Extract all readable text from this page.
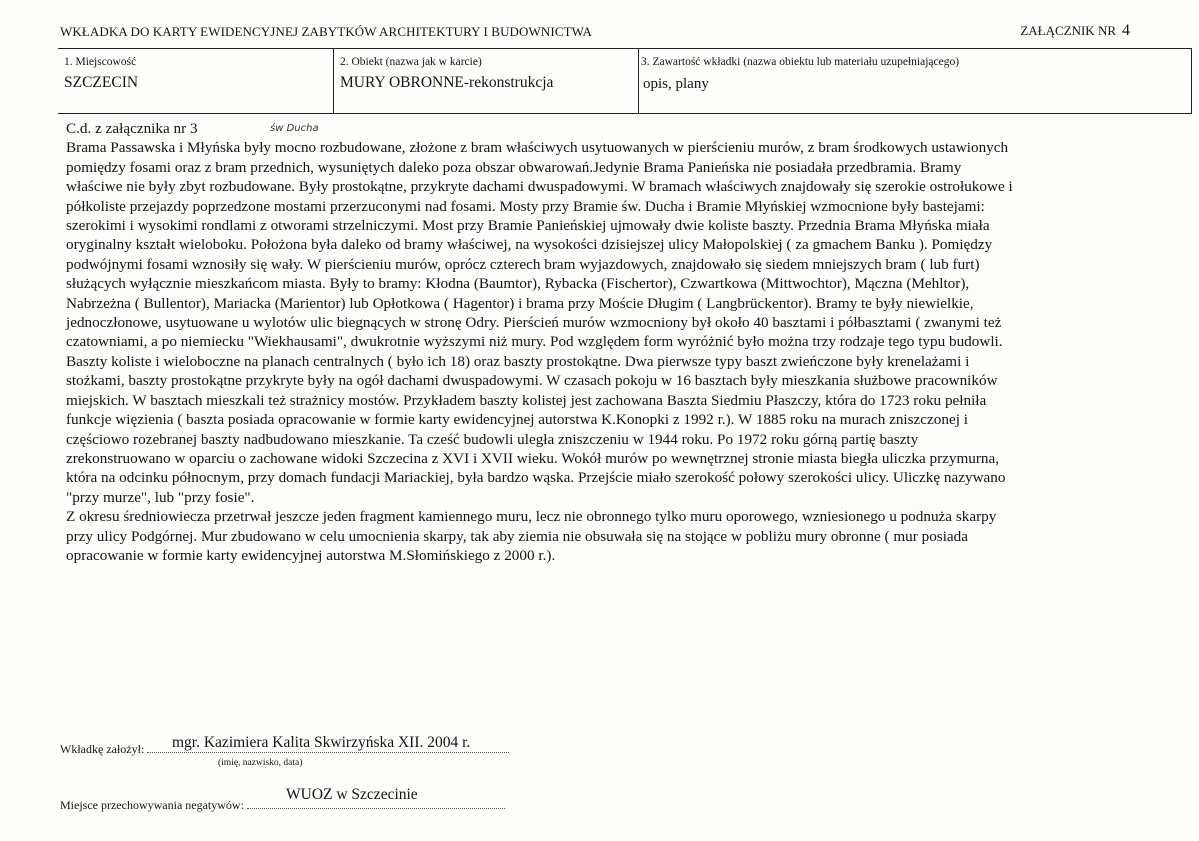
WKŁADKA DO KARTY EWIDENCYJNEJ ZABYTKÓW ARCHITEKTURY I BUDOWNICTWA	ZAŁĄCZNIK NR 4
1. Miejscowość
SZCZECIN
2. Obiekt (nazwa jak w karcie)
MURY OBRONNE-rekonstrukcja
3. Zawartość wkładki (nazwa obiektu lub materiału uzupełniającego)
opis, plany
św Ducha
C.d. z załącznika nr 3
Brama Passawska i Młyńska były mocno rozbudowane, złożone z bram właściwych usytuowanych w pierścieniu murów, z bram środkowych ustawionych
pomiędzy fosami oraz z bram przednich, wysuniętych daleko poza obszar obwarowań.Jedynie Brama Panieńska nie posiadała przedbramia. Bramy
właściwe nie były zbyt rozbudowane. Były prostokątne, przykryte dachami dwuspadowymi. W bramach właściwych znajdowały się szerokie ostrołukowe i
półkoliste przejazdy poprzedzone mostami przerzuconymi nad fosami. Mosty przy Bramie św. Ducha i Bramie Młyńskiej wzmocnione były bastejami:
szerokimi i wysokimi rondlami z otworami strzelniczymi. Most przy Bramie Panieńskiej ujmowały dwie koliste baszty. Przednia Brama Młyńska miała
oryginalny kształt wieloboku. Położona była daleko od bramy właściwej, na wysokości dzisiejszej ulicy Małopolskiej ( za gmachem Banku ). Pomiędzy
podwójnymi fosami wznosiły się wały. W pierścieniu murów, oprócz czterech bram wyjazdowych, znajdowało się siedem mniejszych bram ( lub furt)
służących wyłącznie mieszkańcom miasta. Były to bramy: Kłodna (Baumtor), Rybacka (Fischertor), Czwartkowa (Mittwochtor), Mączna (Mehltor),
Nabrzeżna ( Bullentor), Mariacka (Marientor) lub Opłotkowa ( Hagentor) i brama przy Moście Długim ( Langbrückentor). Bramy te były niewielkie,
jednoczłonowe, usytuowane u wylotów ulic biegnących w stronę Odry. Pierścień murów wzmocniony był około 40 basztami i półbasztami ( zwanymi też
czatowniami, a po niemiecku "Wiekhausami", dwukrotnie wyższymi niż mury. Pod względem form wyróżnić było można trzy rodzaje tego typu budowli.
Baszty koliste i wieloboczne na planach centralnych ( było ich 18) oraz baszty prostokątne. Dwa pierwsze typy baszt zwieńczone były krenelażami i
stożkami, baszty prostokątne przykryte były na ogół dachami dwuspadowymi. W czasach pokoju w 16 basztach były mieszkania służbowe pracowników
miejskich. W basztach mieszkali też strażnicy mostów. Przykładem baszty kolistej jest zachowana Baszta Siedmiu Płaszczy, która do 1723 roku pełniła
funkcje więzienia ( baszta posiada opracowanie w formie karty ewidencyjnej autorstwa K.Konopki z 1992 r.). W 1885 roku na murach zniszczonej i
częściowo rozebranej baszty nadbudowano mieszkanie. Ta cześć budowli uległa zniszczeniu w 1944 roku. Po 1972 roku górną partię baszty
zrekonstruowano w oparciu o zachowane widoki Szczecina z XVI i XVII wieku. Wokół murów po wewnętrznej stronie miasta biegła uliczka przymurna,
która na odcinku północnym, przy domach fundacji Mariackiej, była bardzo wąska. Przejście miało szerokość połowy szerokości ulicy. Uliczkę nazywano
"przy murze", lub "przy fosie".
Z okresu średniowiecza przetrwał jeszcze jeden fragment kamiennego muru, lecz nie obronnego tylko muru oporowego, wzniesionego u podnuża skarpy
przy ulicy Podgórnej. Mur zbudowano w celu umocnienia skarpy, tak aby ziemia nie obsuwała się na stojące w pobliżu mury obronne ( mur posiada
opracowanie w formie karty ewidencyjnej autorstwa M.Słomińskiego z 2000 r.).
Wkładkę założył:	mgr. Kazimiera Kalita Skwirzyńska XII. 2004 r.
(imię, nazwisko, data)
Miejsce przechowywania negatywów:
WUOZ w Szczecinie
